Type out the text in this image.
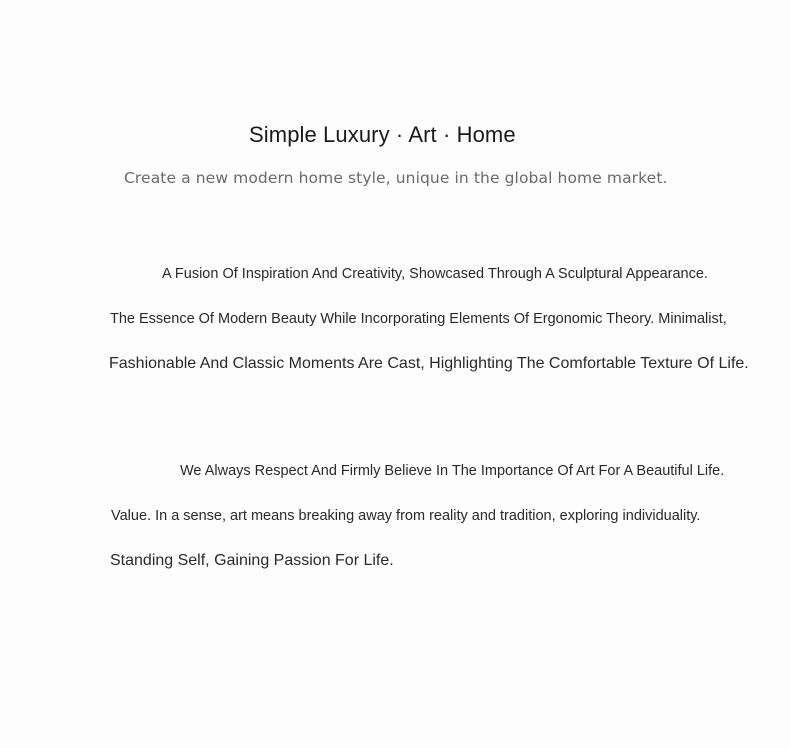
Simple Luxury · Art · Home

Create a new modern home style, unique in the global home market.

A Fusion Of Inspiration And Creativity, Showcased Through A Sculptural Appearance.

The Essence Of Modern Beauty While Incorporating Elements Of Ergonomic Theory. Minimalist,

Fashionable And Classic Moments Are Cast, Highlighting The Comfortable Texture Of Life.

We Always Respect And Firmly Believe In The Importance Of Art For A Beautiful Life.

Value. In a sense, art means breaking away from reality and tradition, exploring individuality.

Standing Self, Gaining Passion For Life.
